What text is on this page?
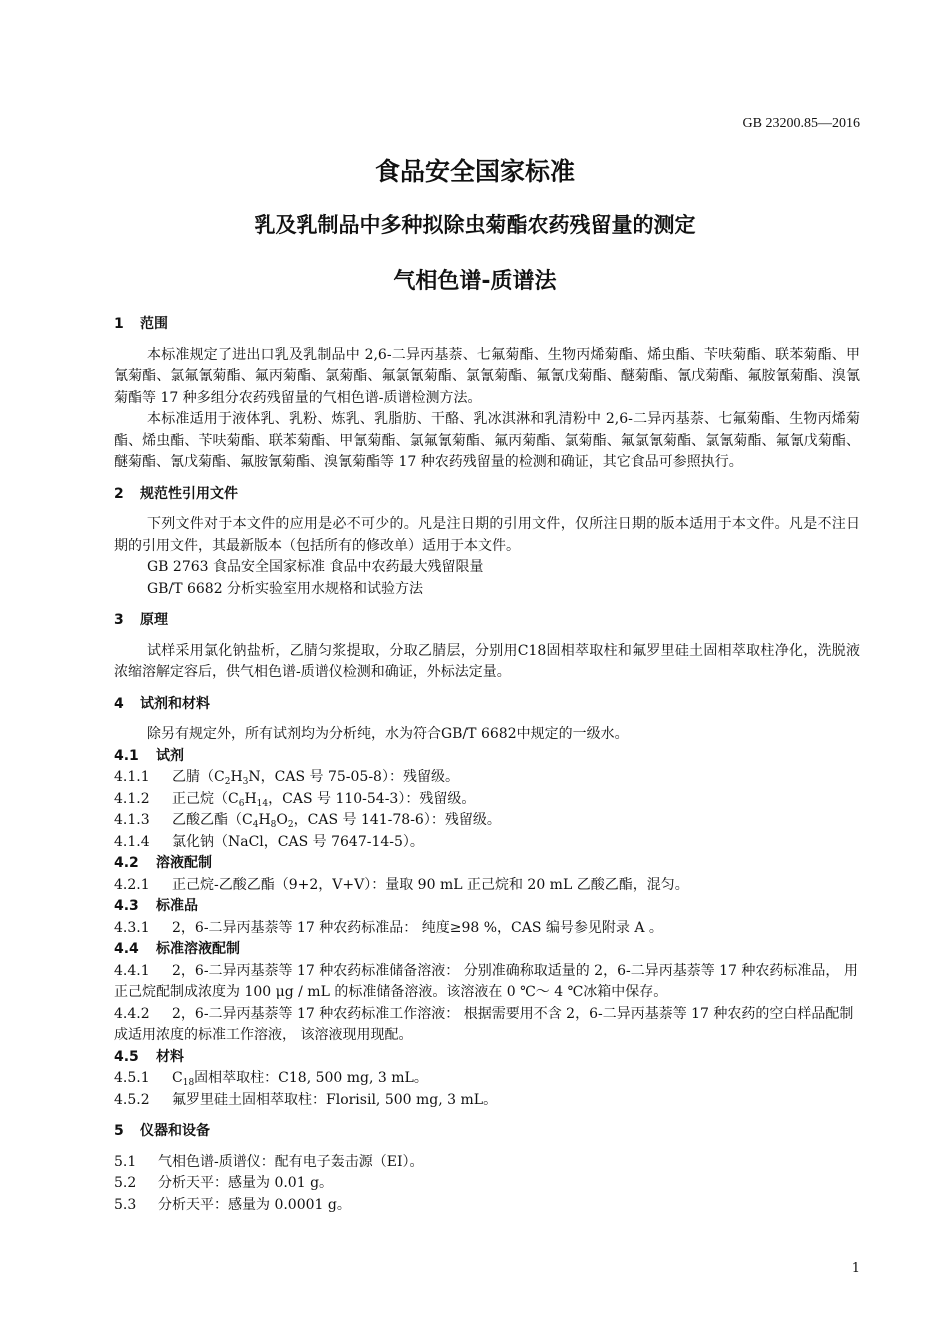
GB 23200.85—2016
食品安全国家标准
乳及乳制品中多种拟除虫菊酯农药残留量的测定
气相色谱-质谱法
1 范围
本标准规定了进出口乳及乳制品中 2,6-二异丙基萘、七氟菊酯、生物丙烯菊酯、烯虫酯、苄呋菊酯、联苯菊酯、甲氰菊酯、氯氟氰菊酯、氟丙菊酯、氯菊酯、氟氯氰菊酯、氯氰菊酯、氟氰戊菊酯、醚菊酯、氰戊菊酯、氟胺氰菊酯、溴氰菊酯等 17 种多组分农药残留量的气相色谱-质谱检测方法。
本标准适用于液体乳、乳粉、炼乳、乳脂肪、干酪、乳冰淇淋和乳清粉中 2,6-二异丙基萘、七氟菊酯、生物丙烯菊酯、烯虫酯、苄呋菊酯、联苯菊酯、甲氰菊酯、氯氟氰菊酯、氟丙菊酯、氯菊酯、氟氯氰菊酯、氯氰菊酯、氟氰戊菊酯、醚菊酯、氰戊菊酯、氟胺氰菊酯、溴氰菊酯等 17 种农药残留量的检测和确证，其它食品可参照执行。
2 规范性引用文件
下列文件对于本文件的应用是必不可少的。凡是注日期的引用文件，仅所注日期的版本适用于本文件。凡是不注日期的引用文件，其最新版本（包括所有的修改单）适用于本文件。
GB 2763 食品安全国家标准 食品中农药最大残留限量
GB/T 6682 分析实验室用水规格和试验方法
3 原理
试样采用氯化钠盐析，乙腈匀浆提取，分取乙腈层，分别用C18固相萃取柱和氟罗里硅土固相萃取柱净化，洗脱液浓缩溶解定容后，供气相色谱-质谱仪检测和确证，外标法定量。
4 试剂和材料
除另有规定外，所有试剂均为分析纯，水为符合GB/T 6682中规定的一级水。
4.1 试剂
4.1.1 乙腈（$C_2H_3N$，CAS 号 75-05-8）：残留级。
4.1.2 正己烷（$C_6H_{14}$，CAS 号 110-54-3）：残留级。
4.1.3 乙酸乙酯（$C_4H_8O_2$，CAS 号 141-78-6）：残留级。
4.1.4 氯化钠（NaCl，CAS 号 7647-14-5）。
4.2 溶液配制
4.2.1 正己烷-乙酸乙酯（9+2，V+V）：量取 90 mL 正己烷和 20 mL 乙酸乙酯，混匀。
4.3 标准品
4.3.1 2，6-二异丙基萘等 17 种农药标准品： 纯度≥98 %，CAS 编号参见附录 A 。
4.4 标准溶液配制
4.4.1 2，6-二异丙基萘等 17 种农药标准储备溶液： 分别准确称取适量的 2，6-二异丙基萘等 17 种农药标准品， 用正己烷配制成浓度为 100 μg / mL 的标准储备溶液。该溶液在 0 ℃～ 4 ℃冰箱中保存。
4.4.2 2，6-二异丙基萘等 17 种农药标准工作溶液： 根据需要用不含 2，6-二异丙基萘等 17 种农药的空白样品配制成适用浓度的标准工作溶液， 该溶液现用现配。
4.5 材料
4.5.1 $C_{18}$固相萃取柱：C18, 500 mg, 3 mL。
4.5.2 氟罗里硅土固相萃取柱：Florisil, 500 mg, 3 mL。
5 仪器和设备
5.1 气相色谱-质谱仪：配有电子轰击源（EI）。
5.2 分析天平：感量为 0.01 g。
5.3 分析天平：感量为 0.0001 g。
1
